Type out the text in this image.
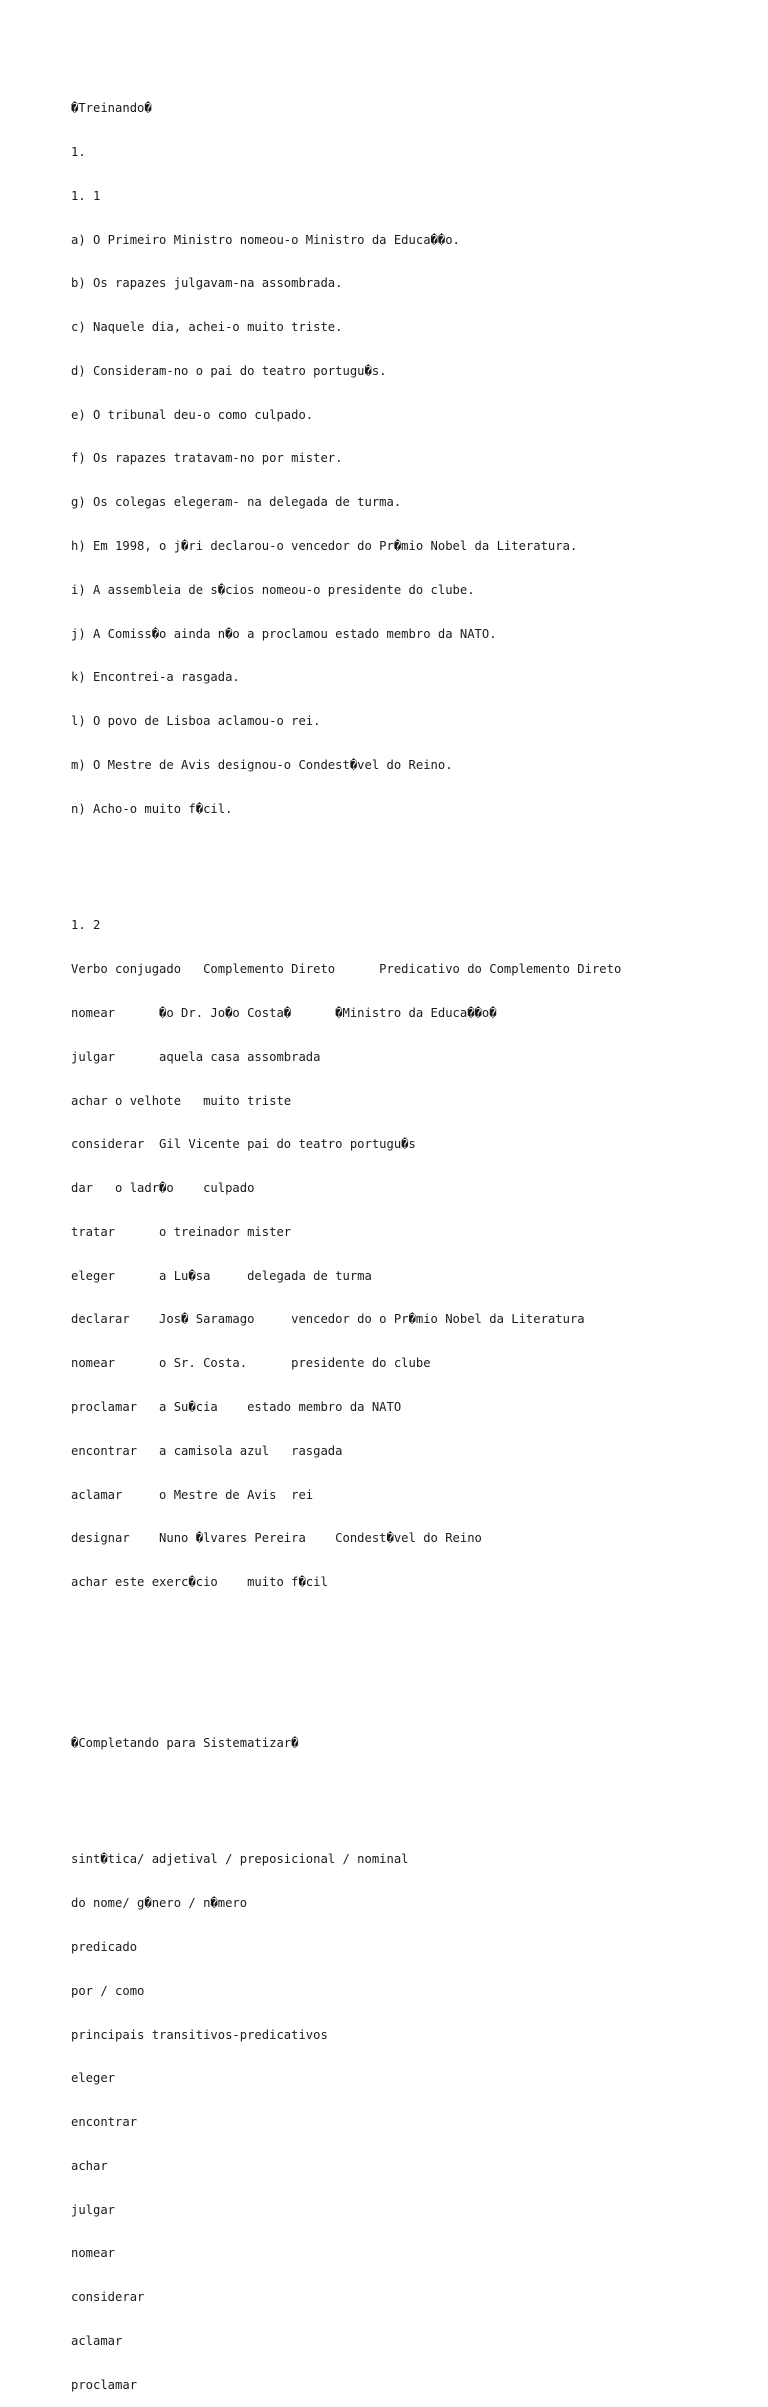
�Treinando�

1.

1. 1

a) O Primeiro Ministro nomeou-o Ministro da Educa��o.

b) Os rapazes julgavam-na assombrada.

c) Naquele dia, achei-o muito triste.

d) Consideram-no o pai do teatro portugu�s.

e) O tribunal deu-o como culpado.

f) Os rapazes tratavam-no por mister.

g) Os colegas elegeram- na delegada de turma.

h) Em 1998, o j�ri declarou-o vencedor do Pr�mio Nobel da Literatura.

i) A assembleia de s�cios nomeou-o presidente do clube.

j) A Comiss�o ainda n�o a proclamou estado membro da NATO.

k) Encontrei-a rasgada.

l) O povo de Lisboa aclamou-o rei.

m) O Mestre de Avis designou-o Condest�vel do Reino.

n) Acho-o muito f�cil.

1. 2

Verbo conjugado   Complemento Direto      Predicativo do Complemento Direto

nomear      �o Dr. Jo�o Costa�      �Ministro da Educa��o�

julgar      aquela casa assombrada

achar o velhote   muito triste

considerar  Gil Vicente pai do teatro portugu�s

dar   o ladr�o    culpado

tratar      o treinador mister

eleger      a Lu�sa     delegada de turma

declarar    Jos� Saramago     vencedor do o Pr�mio Nobel da Literatura

nomear      o Sr. Costa.      presidente do clube

proclamar   a Su�cia    estado membro da NATO

encontrar   a camisola azul   rasgada

aclamar     o Mestre de Avis  rei

designar    Nuno �lvares Pereira    Condest�vel do Reino

achar este exerc�cio    muito f�cil

�Completando para Sistematizar�

sint�tica/ adjetival / preposicional / nominal

do nome/ g�nero / n�mero

predicado

por / como

principais transitivos-predicativos

eleger

encontrar

achar

julgar

nomear

considerar

aclamar

proclamar
